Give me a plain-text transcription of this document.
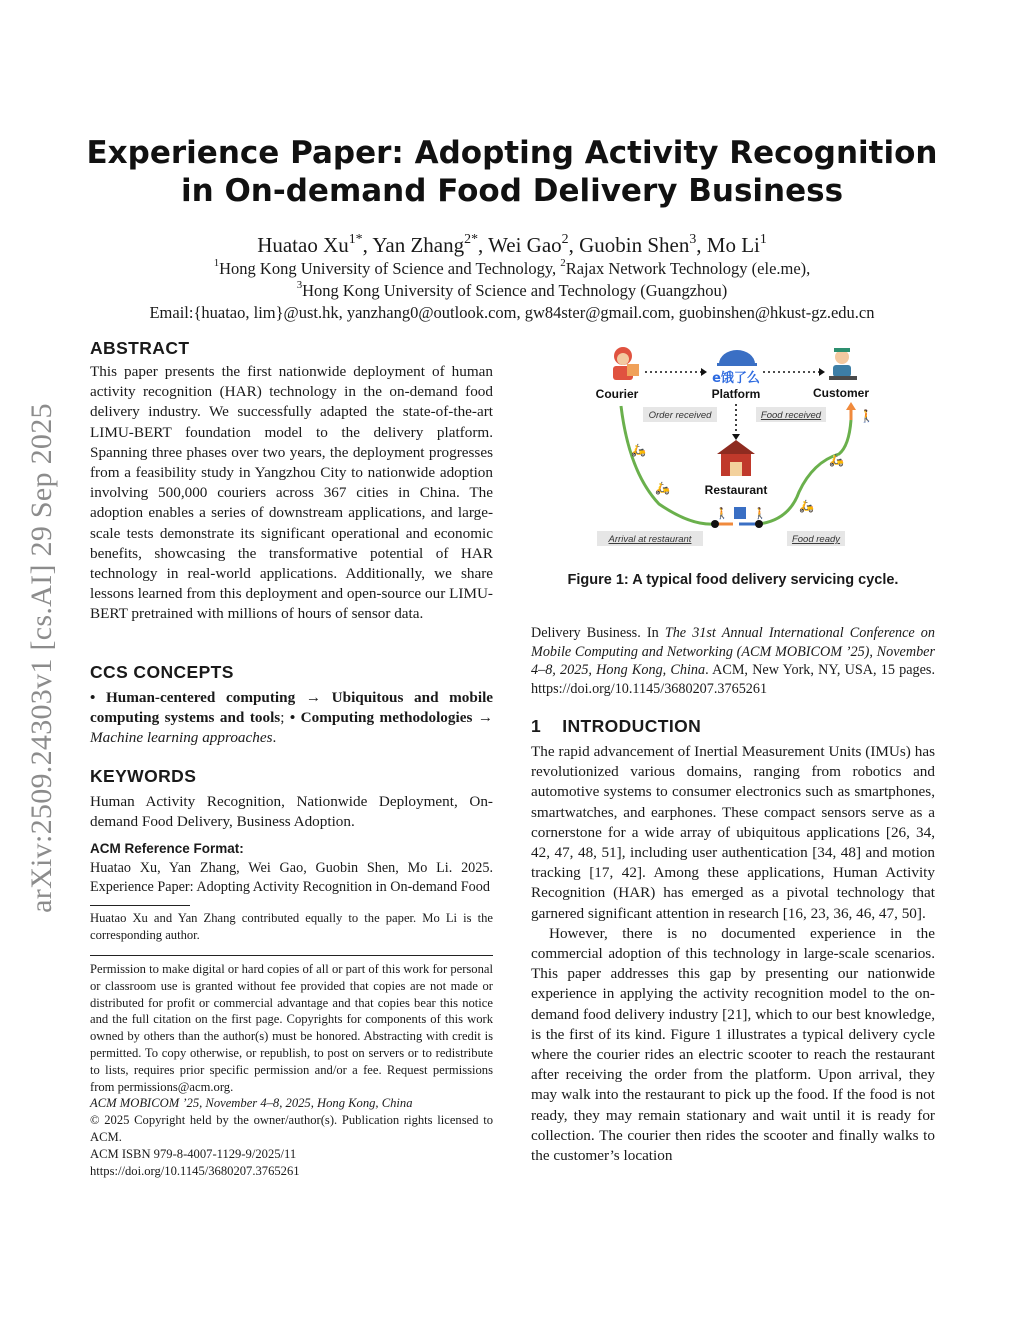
arXiv:2509.24303v1 [cs.AI] 29 Sep 2025
Experience Paper: Adopting Activity Recognition in On-demand Food Delivery Business
Huatao $Xu^{1*}$, Yan Zhang$^{2*}$, Wei Gao$^2$, Guobin Shen$^3$, Mo Li$^1$
$^1$Hong Kong University of Science and Technology, $^2$Rajax Network Technology (ele.me),
$^3$Hong Kong University of Science and Technology (Guangzhou)
Email:{huatao, lim}@ust.hk, yanzhang0@outlook.com, gw84ster@gmail.com, guobinshen@hkust-gz.edu.cn
ABSTRACT
This paper presents the first nationwide deployment of human activity recognition (HAR) technology in the on-demand food delivery industry. We successfully adapted the state-of-the-art LIMU-BERT foundation model to the delivery platform. Spanning three phases over two years, the deployment progresses from a feasibility study in Yangzhou City to nationwide adoption involving 500,000 couriers across 367 cities in China. The adoption enables a series of downstream applications, and large-scale tests demonstrate its significant operational and economic benefits, showcasing the transformative potential of HAR technology in real-world applications. Additionally, we share lessons learned from this deployment and open-source our LIMU-BERT pretrained with millions of hours of sensor data.
CCS CONCEPTS
• Human-centered computing → Ubiquitous and mobile computing systems and tools; • Computing methodologies → Machine learning approaches.
KEYWORDS
Human Activity Recognition, Nationwide Deployment, On-demand Food Delivery, Business Adoption.
ACM Reference Format:
Huatao Xu, Yan Zhang, Wei Gao, Guobin Shen, Mo Li. 2025. Experience Paper: Adopting Activity Recognition in On-demand Food
Huatao Xu and Yan Zhang contributed equally to the paper. Mo Li is the corresponding author.

Permission to make digital or hard copies of all or part of this work for personal or classroom use is granted without fee provided that copies are not made or distributed for profit or commercial advantage and that copies bear this notice and the full citation on the first page. Copyrights for components of this work owned by others than the author(s) must be honored. Abstracting with credit is permitted. To copy otherwise, or republish, to post on servers or to redistribute to lists, requires prior specific permission and/or a fee. Request permissions from permissions@acm.org.

ACM MOBICOM ’25, November 4–8, 2025, Hong Kong, China

© 2025 Copyright held by the owner/author(s). Publication rights licensed to ACM.

ACM ISBN 979-8-4007-1129-9/2025/11

https://doi.org/10.1145/3680207.3765261

e饿了么
Courier	Platform	Customer
Order received	Food received
Restaurant
🛵
🛵
🛵
🛵
🚶
🚶 🚶
Arrival at restaurant	Food ready
Figure 1: A typical food delivery servicing cycle.
Delivery Business. In The 31st Annual International Conference on Mobile Computing and Networking (ACM MOBICOM ’25), November 4–8, 2025, Hong Kong, China. ACM, New York, NY, USA, 15 pages. https://doi.org/10.1145/3680207.3765261
1 INTRODUCTION

The rapid advancement of Inertial Measurement Units (IMUs) has revolutionized various domains, ranging from robotics and automotive systems to consumer electronics such as smartphones, smartwatches, and earphones. These compact sensors serve as a cornerstone for a wide array of ubiquitous applications [26, 34, 42, 47, 48, 51], including user authentication [34, 48] and motion tracking [17, 42]. Among these applications, Human Activity Recognition (HAR) has emerged as a pivotal technology that garnered significant attention in research [16, 23, 36, 46, 47, 50].

However, there is no documented experience in the commercial adoption of this technology in large-scale scenarios. This paper addresses this gap by presenting our nationwide experience in applying the activity recognition model to the on-demand food delivery industry [21], which to our best knowledge, is the first of its kind. Figure 1 illustrates a typical delivery cycle where the courier rides an electric scooter to reach the restaurant after receiving the order from the platform. Upon arrival, they may walk into the restaurant to pick up the food. If the food is not ready, they may remain stationary and wait until it is ready for collection. The courier then rides the scooter and finally walks to the customer’s location
